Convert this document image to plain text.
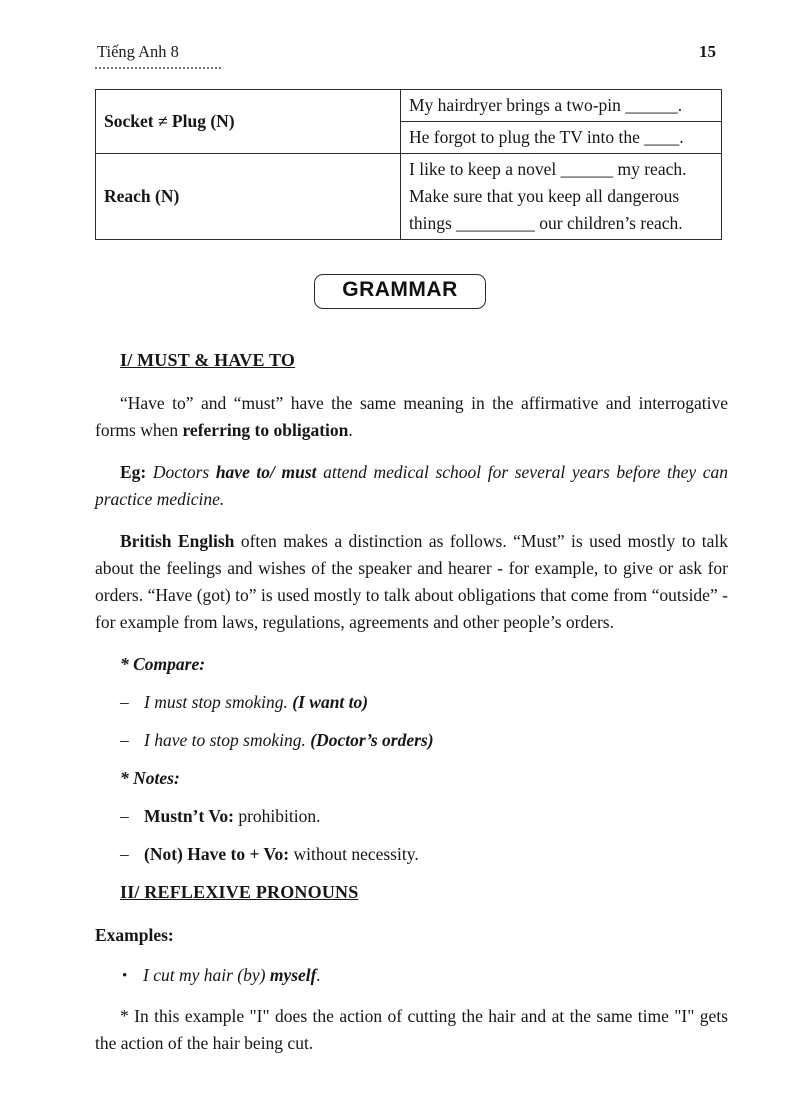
Tiếng Anh 8	15
Socket ≠ Plug (N)	My hairdryer brings a two-pin ______.
	He forgot to plug the TV into the ____.
Reach (N)	I like to keep a novel ______ my reach.
Make sure that you keep all dangerous things _________ our children’s reach.
GRAMMAR
I/ MUST & HAVE TO

“Have to” and “must” have the same meaning in the affirmative and interrogative forms when referring to obligation.

Eg: Doctors have to/ must attend medical school for several years before they can practice medicine.

British English often makes a distinction as follows. “Must” is used mostly to talk about the feelings and wishes of the speaker and hearer - for example, to give or ask for orders. “Have (got) to” is used mostly to talk about obligations that come from “outside” - for example from laws, regulations, agreements and other people’s orders.

* Compare:
– I must stop smoking. (I want to)
– I have to stop smoking. (Doctor’s orders)
* Notes:
– Mustn’t Vo: prohibition.
– (Not) Have to + Vo: without necessity.
II/ REFLEXIVE PRONOUNS
Examples:
• I cut my hair (by) myself.

* In this example "I" does the action of cutting the hair and at the same time "I" gets the action of the hair being cut.
